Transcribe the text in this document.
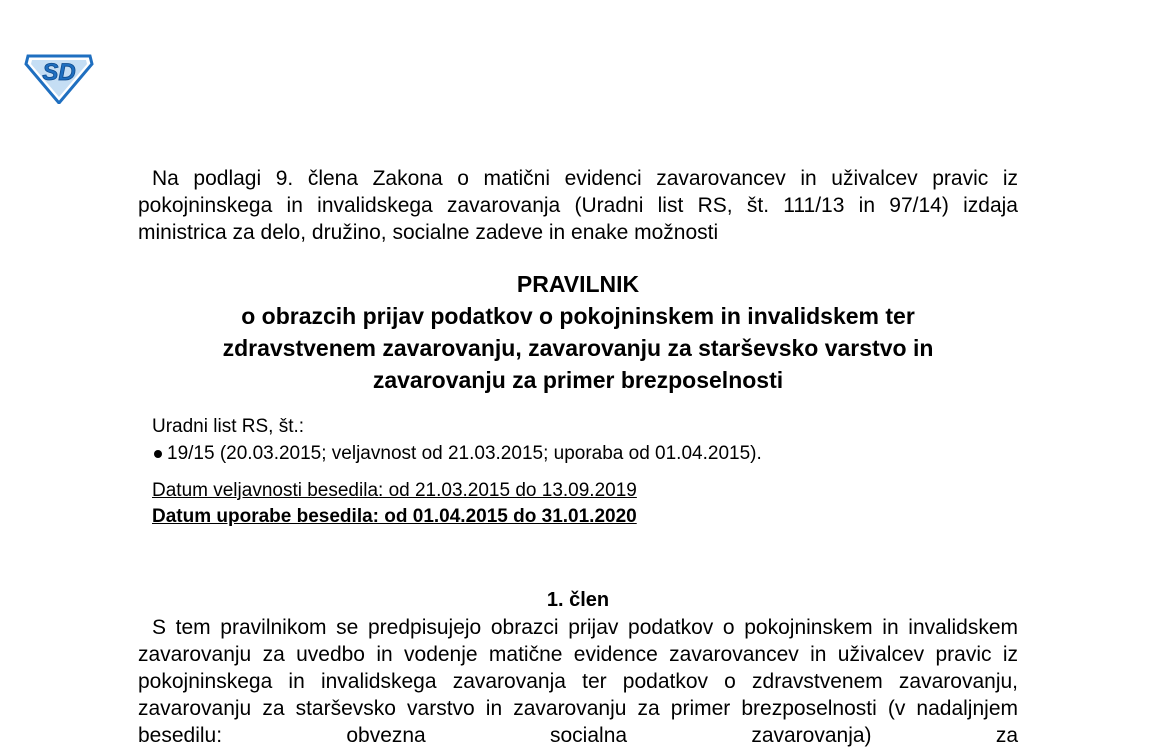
SD

Na podlagi 9. člena Zakona o matični evidenci zavarovancev in uživalcev pravic iz pokojninskega in invalidskega zavarovanja (Uradni list RS, št. 111/13 in 97/14) izdaja ministrica za delo, družino, socialne zadeve in enake možnosti

PRAVILNIK
o obrazcih prijav podatkov o pokojninskem in invalidskem ter
zdravstvenem zavarovanju, zavarovanju za starševsko varstvo in
zavarovanju za primer brezposelnosti
Uradni list RS, št.:
19/15 (20.03.2015; veljavnost od 21.03.2015; uporaba od 01.04.2015).
Datum veljavnosti besedila: od 21.03.2015 do 13.09.2019
Datum uporabe besedila: od 01.04.2015 do 31.01.2020
1. člen

S tem pravilnikom se predpisujejo obrazci prijav podatkov o pokojninskem in invalidskem zavarovanju za uvedbo in vodenje matične evidence zavarovancev in uživalcev pravic iz pokojninskega in invalidskega zavarovanja ter podatkov o zdravstvenem zavarovanju, zavarovanju za starševsko varstvo in zavarovanju za primer brezposelnosti (v nadaljnjem besedilu: obvezna socialna zavarovanja) za
